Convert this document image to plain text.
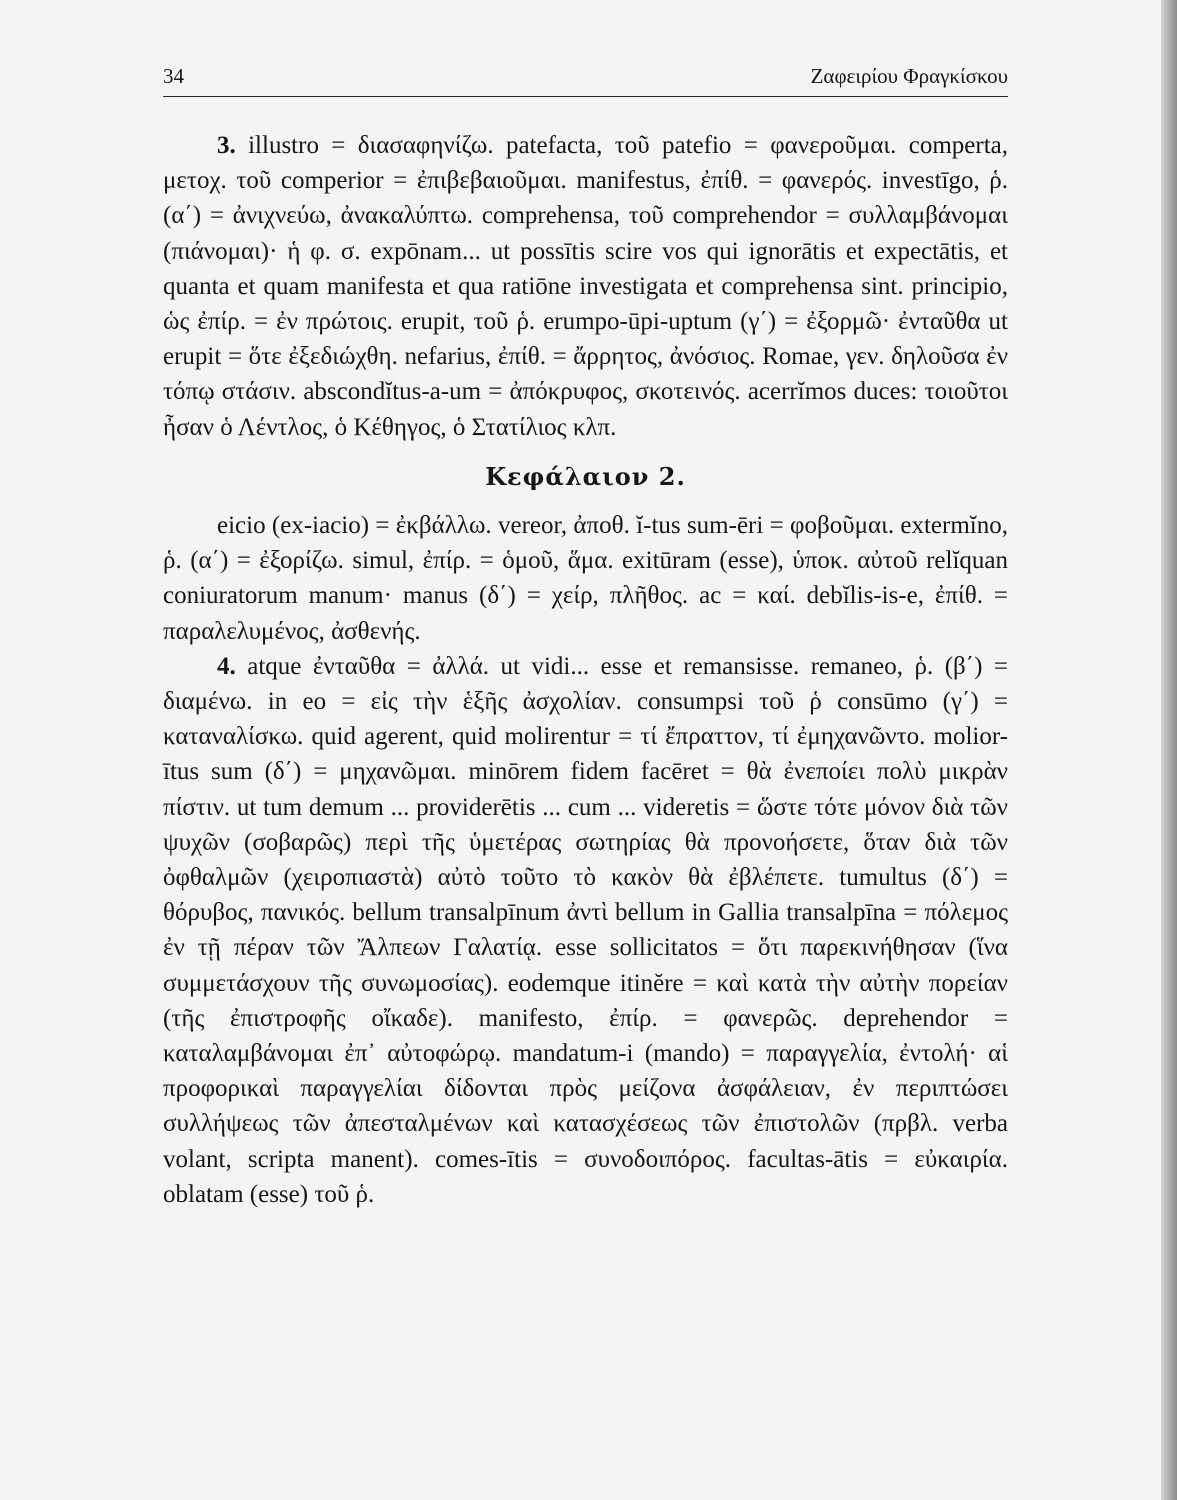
34	Ζαφειρίου Φραγκίσκου

3. illustro = διασαφηνίζω. patefacta, τοῦ patefio = φανεροῦμαι. comperta, μετοχ. τοῦ comperior = ἐπιβεβαιοῦμαι. manifestus, ἐπίθ. = φανερός. investīgo, ῥ. (α΄) = ἀνιχνεύω, ἀνακαλύπτω. comprehensa, τοῦ comprehendor = συλλαμβάνομαι (πιάνομαι)· ἡ φ. σ. expōnam... ut possītis scire vos qui ignorātis et expectātis, et quanta et quam manifesta et qua ratiōne investigata et comprehensa sint. principio, ὡς ἐπίρ. = ἐν πρώτοις. erupit, τοῦ ῥ. erumpo-ūpi-uptum (γ΄) = ἐξορμῶ· ἐνταῦθα ut erupit = ὅτε ἐξεδιώχθη. nefarius, ἐπίθ. = ἄρρητος, ἀνόσιος. Romae, γεν. δηλοῦσα ἐν τόπῳ στάσιν. abscondĭtus-a-um = ἀπόκρυφος, σκοτεινός. acerrĭmos duces: τοιοῦτοι ἦσαν ὁ Λέντλος, ὁ Κέθηγος, ὁ Στατίλιος κλπ.

Κεφάλαιον 2.

eicio (ex-iacio) = ἐκβάλλω. vereor, ἀποθ. ĭ-tus sum-ēri = φοβοῦμαι. extermĭno, ῥ. (α΄) = ἐξορίζω. simul, ἐπίρ. = ὁμοῦ, ἅμα. exitūram (esse), ὑποκ. αὐτοῦ relĭquan coniuratorum manum· manus (δ΄) = χείρ, πλῆθος. ac = καί. debĭlis-is-e, ἐπίθ. = παραλελυμένος, ἀσθενής.

4. atque ἐνταῦθα = ἀλλά. ut vidi... esse et remansisse. remaneo, ῥ. (β΄) = διαμένω. in eo = εἰς τὴν ἑξῆς ἀσχολίαν. consumpsi τοῦ ῥ consūmo (γ΄) = καταναλίσκω. quid agerent, quid molirentur = τί ἔπραττον, τί ἐμηχανῶντο. molior-ītus sum (δ΄) = μηχανῶμαι. minōrem fidem facēret = θὰ ἐνεποίει πολὺ μικρὰν πίστιν. ut tum demum ... providerētis ... cum ... videretis = ὥστε τότε μόνον διὰ τῶν ψυχῶν (σοβαρῶς) περὶ τῆς ὑμετέρας σωτηρίας θὰ προνοήσετε, ὅταν διὰ τῶν ὀφθαλμῶν (χειροπιαστὰ) αὐτὸ τοῦτο τὸ κακὸν θὰ ἐβλέπετε. tumultus (δ΄) = θόρυβος, πανικός. bellum transalpīnum ἀντὶ bellum in Gallia transalpīna = πόλεμος ἐν τῇ πέραν τῶν Ἄλπεων Γαλατίᾳ. esse sollicitatos = ὅτι παρεκινήθησαν (ἵνα συμμετάσχουν τῆς συνωμοσίας). eodemque itinĕre = καὶ κατὰ τὴν αὐτὴν πορείαν (τῆς ἐπιστροφῆς οἴκαδε). manifesto, ἐπίρ. = φανερῶς. deprehendor = καταλαμβάνομαι ἐπ᾽ αὐτοφώρῳ. mandatum-i (mando) = παραγγελία, ἐντολή· αἱ προφορικαὶ παραγγελίαι δίδονται πρὸς μείζονα ἀσφάλειαν, ἐν περιπτώσει συλλήψεως τῶν ἀπεσταλμένων καὶ κατασχέσεως τῶν ἐπιστολῶν (πρβλ. verba volant, scripta manent). comes-ītis = συνοδοιπόρος. facultas-ātis = εὐκαιρία. oblatam (esse) τοῦ ῥ.
